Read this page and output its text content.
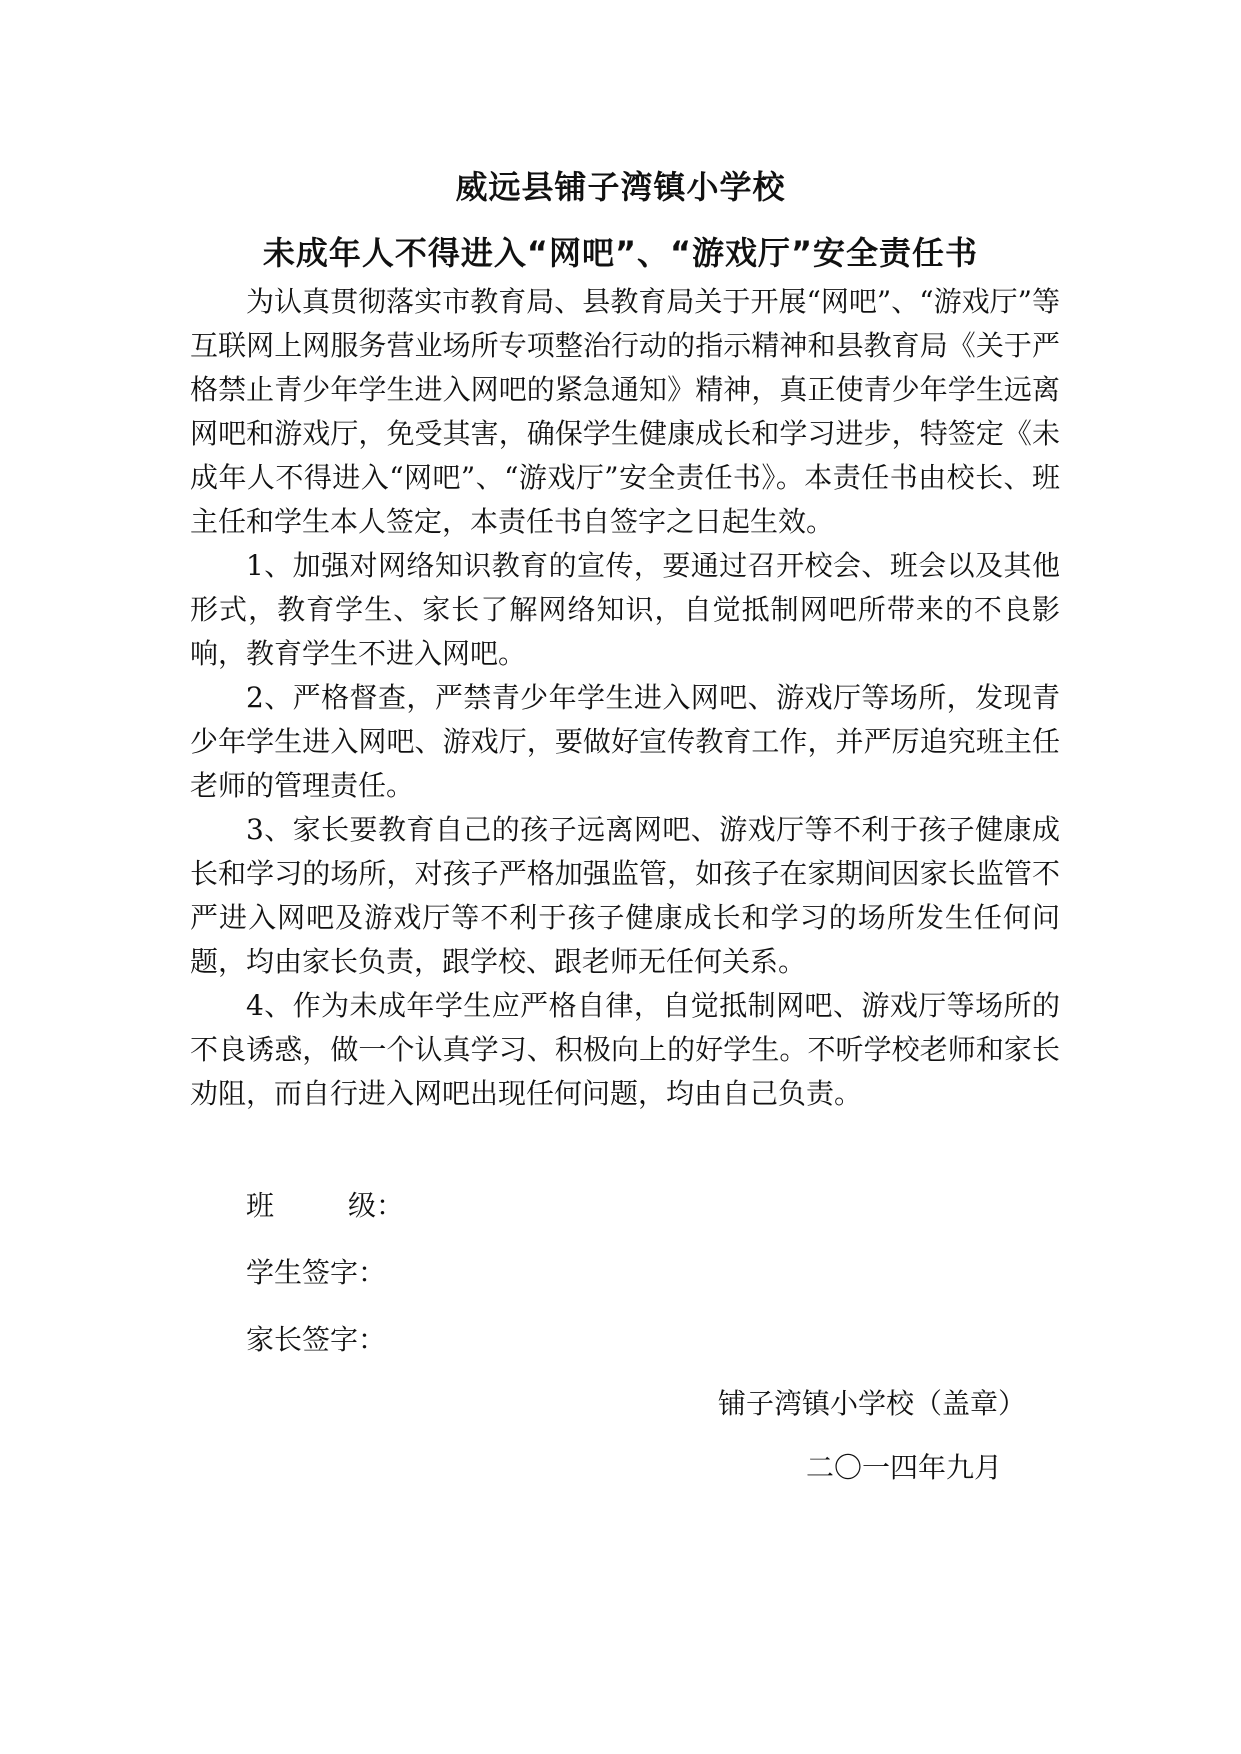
威远县铺子湾镇小学校
未成年人不得进入“网吧”、“游戏厅”安全责任书

为认真贯彻落实市教育局、县教育局关于开展“网吧”、“游戏厅”等互联网上网服务营业场所专项整治行动的指示精神和县教育局《关于严格禁止青少年学生进入网吧的紧急通知》精神，真正使青少年学生远离网吧和游戏厅，免受其害，确保学生健康成长和学习进步，特签定《未成年人不得进入“网吧”、“游戏厅”安全责任书》。本责任书由校长、班主任和学生本人签定，本责任书自签字之日起生效。

1、加强对网络知识教育的宣传，要通过召开校会、班会以及其他形式，教育学生、家长了解网络知识，自觉抵制网吧所带来的不良影响，教育学生不进入网吧。

2、严格督查，严禁青少年学生进入网吧、游戏厅等场所，发现青少年学生进入网吧、游戏厅，要做好宣传教育工作，并严厉追究班主任老师的管理责任。

3、家长要教育自己的孩子远离网吧、游戏厅等不利于孩子健康成长和学习的场所，对孩子严格加强监管，如孩子在家期间因家长监管不严进入网吧及游戏厅等不利于孩子健康成长和学习的场所发生任何问题，均由家长负责，跟学校、跟老师无任何关系。

4、作为未成年学生应严格自律，自觉抵制网吧、游戏厅等场所的不良诱惑，做一个认真学习、积极向上的好学生。不听学校老师和家长劝阻，而自行进入网吧出现任何问题，均由自己负责。

班级：
学生签字：
家长签字：
铺子湾镇小学校（盖章）
二〇一四年九月
